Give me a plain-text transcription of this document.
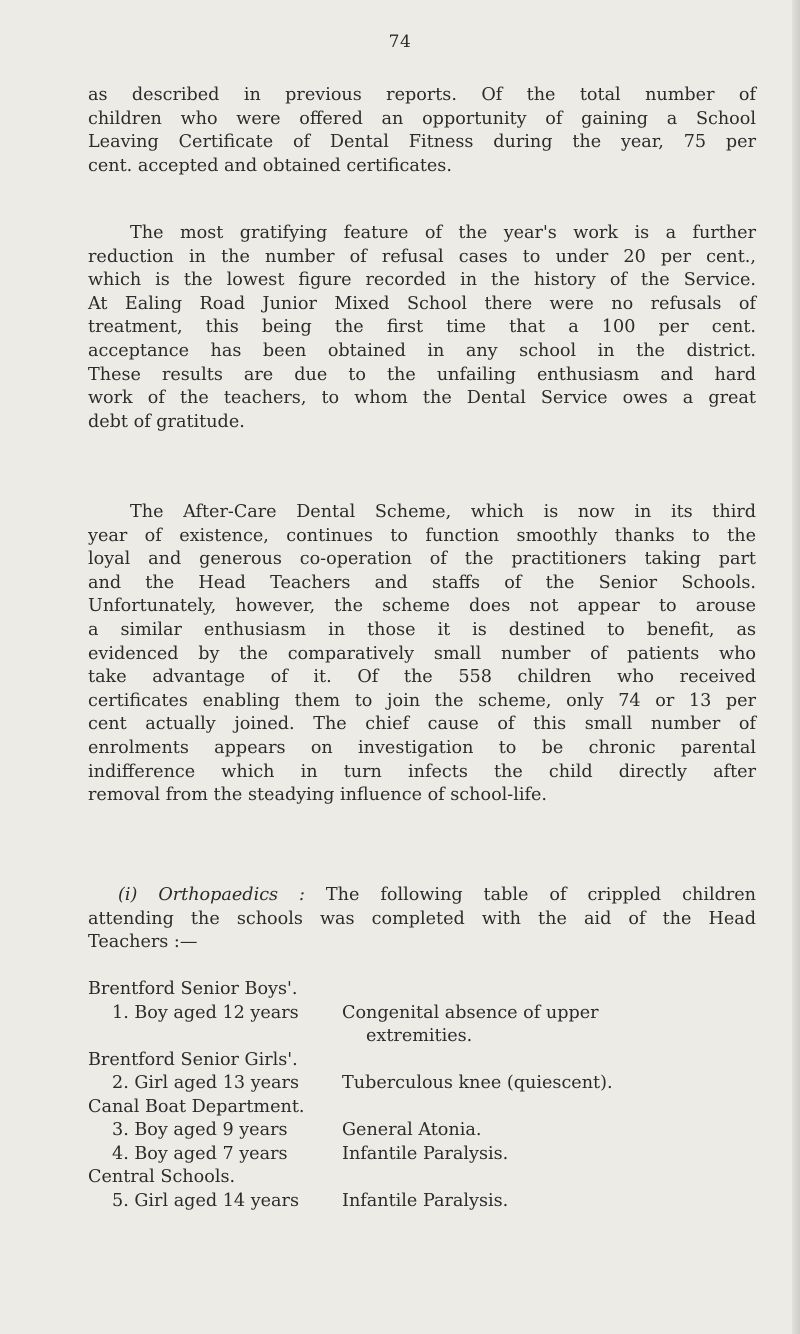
74
as described in previous reports. Of the total number of
children who were offered an opportunity of gaining a School
Leaving Certificate of Dental Fitness during the year, 75 per
cent. accepted and obtained certificates.
The most gratifying feature of the year's work is a further
reduction in the number of refusal cases to under 20 per cent.,
which is the lowest figure recorded in the history of the Service.
At Ealing Road Junior Mixed School there were no refusals of
treatment, this being the first time that a 100 per cent.
acceptance has been obtained in any school in the district.
These results are due to the unfailing enthusiasm and hard
work of the teachers, to whom the Dental Service owes a great
debt of gratitude.
The After-Care Dental Scheme, which is now in its third
year of existence, continues to function smoothly thanks to the
loyal and generous co-operation of the practitioners taking part
and the Head Teachers and staffs of the Senior Schools.
Unfortunately, however, the scheme does not appear to arouse
a similar enthusiasm in those it is destined to benefit, as
evidenced by the comparatively small number of patients who
take advantage of it. Of the 558 children who received
certificates enabling them to join the scheme, only 74 or 13 per
cent actually joined. The chief cause of this small number of
enrolments appears on investigation to be chronic parental
indifference which in turn infects the child directly after
removal from the steadying influence of school-life.
(i) Orthopaedics : The following table of crippled children
attending the schools was completed with the aid of the Head
Teachers :—
Brentford Senior Boys'.
1. Boy aged 12 years Congenital absence of upper
extremities.
Brentford Senior Girls'.
2. Girl aged 13 years Tuberculous knee (quiescent).
Canal Boat Department.
3. Boy aged 9 years	General Atonia.
4. Boy aged 7 years	Infantile Paralysis.
Central Schools.
5. Girl aged 14 years Infantile Paralysis.
